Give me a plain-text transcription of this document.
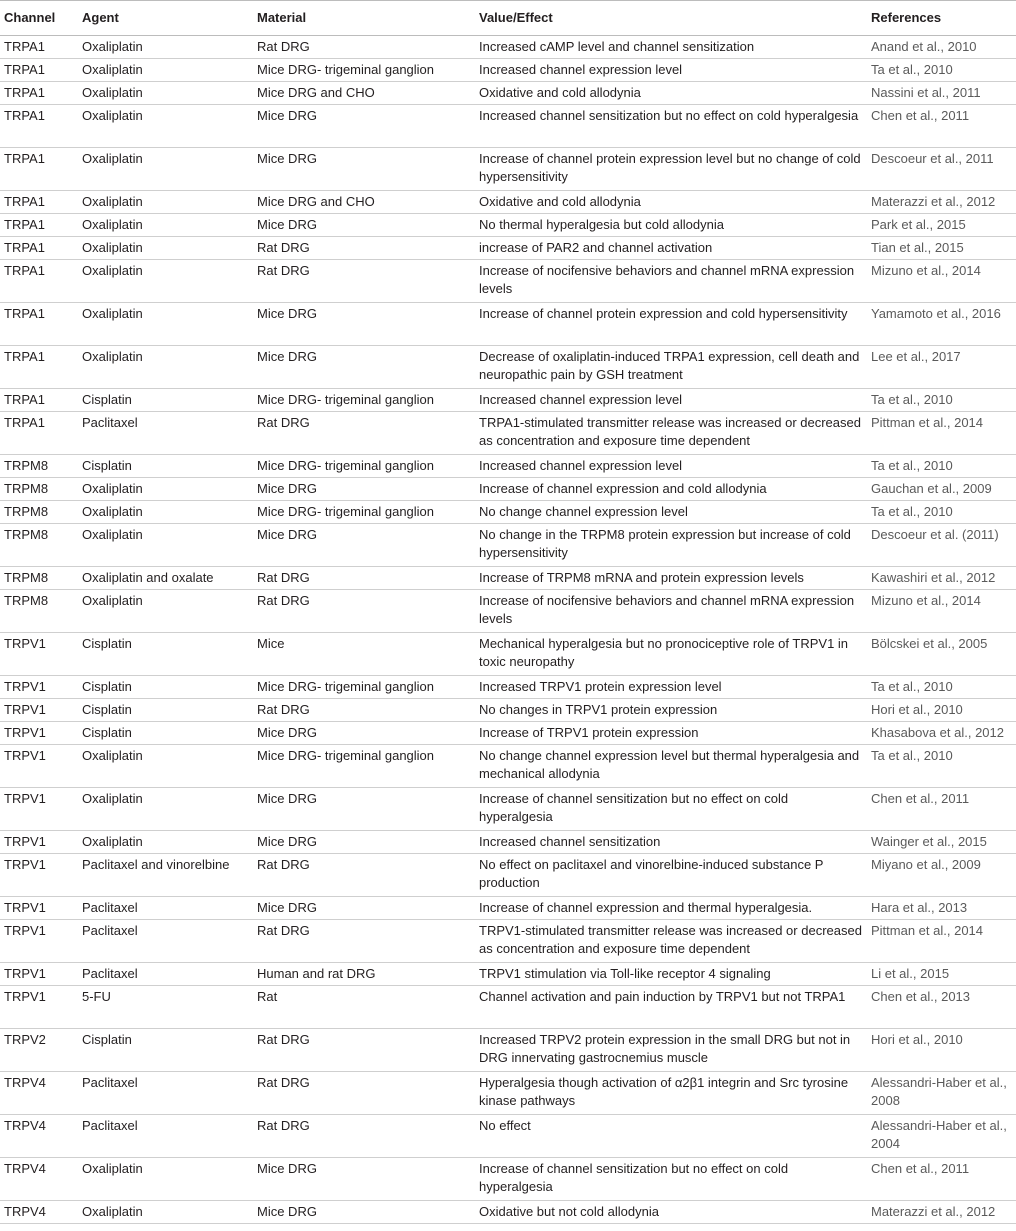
Channel	Agent	Material	Value/Effect	References
TRPA1	Oxaliplatin	Rat DRG	Increased cAMP level and channel sensitization	Anand et al., 2010
TRPA1	Oxaliplatin	Mice DRG- trigeminal ganglion	Increased channel expression level	Ta et al., 2010
TRPA1	Oxaliplatin	Mice DRG and CHO	Oxidative and cold allodynia	Nassini et al., 2011
TRPA1	Oxaliplatin	Mice DRG	Increased channel sensitization but no effect on cold hyperalgesia	Chen et al., 2011
TRPA1	Oxaliplatin	Mice DRG	Increase of channel protein expression level but no change of cold hypersensitivity	Descoeur et al., 2011
TRPA1	Oxaliplatin	Mice DRG and CHO	Oxidative and cold allodynia	Materazzi et al., 2012
TRPA1	Oxaliplatin	Mice DRG	No thermal hyperalgesia but cold allodynia	Park et al., 2015
TRPA1	Oxaliplatin	Rat DRG	increase of PAR2 and channel activation	Tian et al., 2015
TRPA1	Oxaliplatin	Rat DRG	Increase of nocifensive behaviors and channel mRNA expression levels	Mizuno et al., 2014
TRPA1	Oxaliplatin	Mice DRG	Increase of channel protein expression and cold hypersensitivity	Yamamoto et al., 2016
TRPA1	Oxaliplatin	Mice DRG	Decrease of oxaliplatin-induced TRPA1 expression, cell death and neuropathic pain by GSH treatment	Lee et al., 2017
TRPA1	Cisplatin	Mice DRG- trigeminal ganglion	Increased channel expression level	Ta et al., 2010
TRPA1	Paclitaxel	Rat DRG	TRPA1-stimulated transmitter release was increased or decreased as concentration and exposure time dependent	Pittman et al., 2014
TRPM8	Cisplatin	Mice DRG- trigeminal ganglion	Increased channel expression level	Ta et al., 2010
TRPM8	Oxaliplatin	Mice DRG	Increase of channel expression and cold allodynia	Gauchan et al., 2009
TRPM8	Oxaliplatin	Mice DRG- trigeminal ganglion	No change channel expression level	Ta et al., 2010
TRPM8	Oxaliplatin	Mice DRG	No change in the TRPM8 protein expression but increase of cold hypersensitivity	Descoeur et al. (2011)
TRPM8	Oxaliplatin and oxalate	Rat DRG	Increase of TRPM8 mRNA and protein expression levels	Kawashiri et al., 2012
TRPM8	Oxaliplatin	Rat DRG	Increase of nocifensive behaviors and channel mRNA expression levels	Mizuno et al., 2014
TRPV1	Cisplatin	Mice	Mechanical hyperalgesia but no pronociceptive role of TRPV1 in toxic neuropathy	Bölcskei et al., 2005
TRPV1	Cisplatin	Mice DRG- trigeminal ganglion	Increased TRPV1 protein expression level	Ta et al., 2010
TRPV1	Cisplatin	Rat DRG	No changes in TRPV1 protein expression	Hori et al., 2010
TRPV1	Cisplatin	Mice DRG	Increase of TRPV1 protein expression	Khasabova et al., 2012
TRPV1	Oxaliplatin	Mice DRG- trigeminal ganglion	No change channel expression level but thermal hyperalgesia and mechanical allodynia	Ta et al., 2010
TRPV1	Oxaliplatin	Mice DRG	Increase of channel sensitization but no effect on cold hyperalgesia	Chen et al., 2011
TRPV1	Oxaliplatin	Mice DRG	Increased channel sensitization	Wainger et al., 2015
TRPV1	Paclitaxel and vinorelbine	Rat DRG	No effect on paclitaxel and vinorelbine-induced substance P production	Miyano et al., 2009
TRPV1	Paclitaxel	Mice DRG	Increase of channel expression and thermal hyperalgesia.	Hara et al., 2013
TRPV1	Paclitaxel	Rat DRG	TRPV1-stimulated transmitter release was increased or decreased as concentration and exposure time dependent	Pittman et al., 2014
TRPV1	Paclitaxel	Human and rat DRG	TRPV1 stimulation via Toll-like receptor 4 signaling	Li et al., 2015
TRPV1	5-FU	Rat	Channel activation and pain induction by TRPV1 but not TRPA1	Chen et al., 2013
TRPV2	Cisplatin	Rat DRG	Increased TRPV2 protein expression in the small DRG but not in DRG innervating gastrocnemius muscle	Hori et al., 2010
TRPV4	Paclitaxel	Rat DRG	Hyperalgesia though activation of α2β1 integrin and Src tyrosine kinase pathways	Alessandri-Haber et al., 2008
TRPV4	Paclitaxel	Rat DRG	No effect	Alessandri-Haber et al., 2004
TRPV4	Oxaliplatin	Mice DRG	Increase of channel sensitization but no effect on cold hyperalgesia	Chen et al., 2011
TRPV4	Oxaliplatin	Mice DRG	Oxidative but not cold allodynia	Materazzi et al., 2012
